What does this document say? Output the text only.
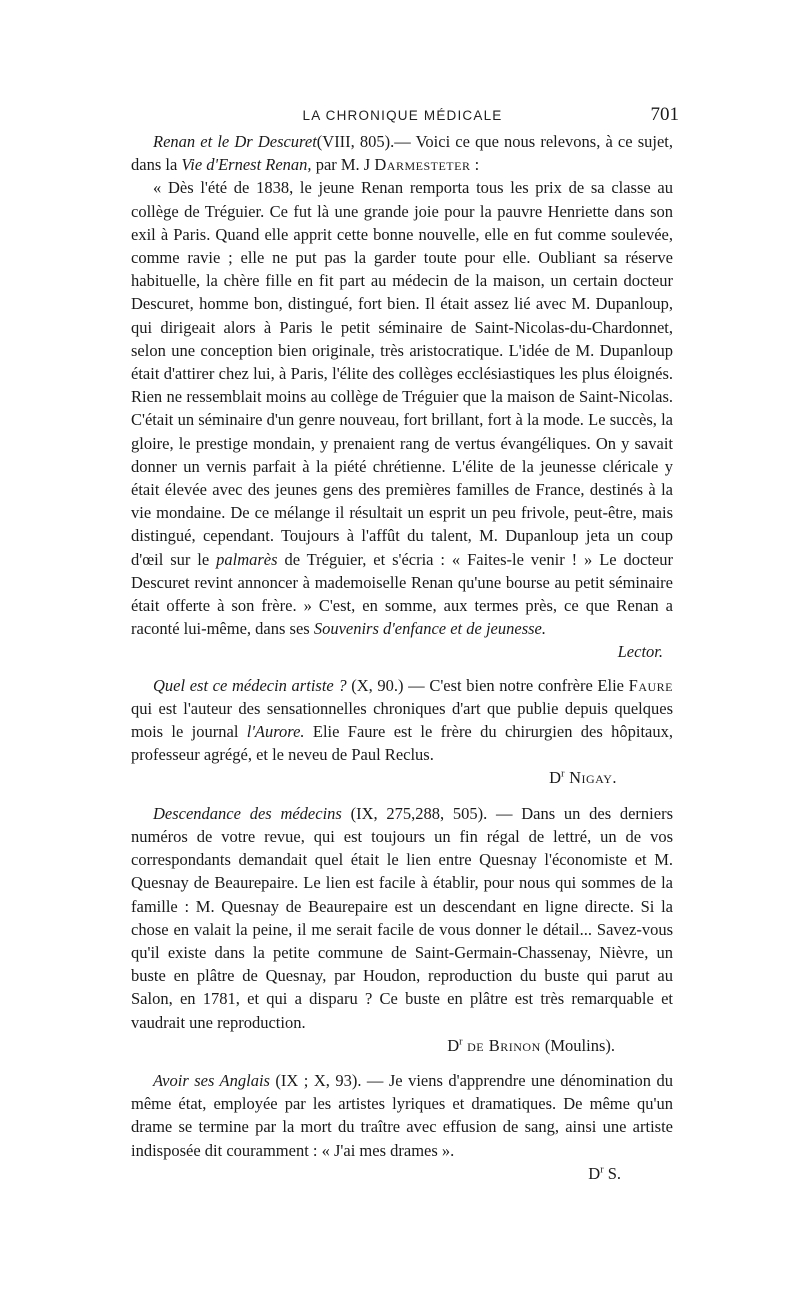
LA CHRONIQUE MÉDICALE	701

Renan et le Dr Descuret(VIII, 805).— Voici ce que nous relevons, à ce sujet, dans la Vie d'Ernest Renan, par M. J Darmesteter :

« Dès l'été de 1838, le jeune Renan remporta tous les prix de sa classe au collège de Tréguier. Ce fut là une grande joie pour la pauvre Henriette dans son exil à Paris. Quand elle apprit cette bonne nouvelle, elle en fut comme soulevée, comme ravie ; elle ne put pas la garder toute pour elle. Oubliant sa réserve habituelle, la chère fille en fit part au médecin de la maison, un certain docteur Descuret, homme bon, distingué, fort bien. Il était assez lié avec M. Dupanloup, qui dirigeait alors à Paris le petit séminaire de Saint-Nicolas-du-Chardonnet, selon une conception bien originale, très aristocratique. L'idée de M. Dupanloup était d'attirer chez lui, à Paris, l'élite des collèges ecclésiastiques les plus éloignés. Rien ne ressemblait moins au collège de Tréguier que la maison de Saint-Nicolas. C'était un séminaire d'un genre nouveau, fort brillant, fort à la mode. Le succès, la gloire, le prestige mondain, y prenaient rang de vertus évangéliques. On y savait donner un vernis parfait à la piété chrétienne. L'élite de la jeunesse cléricale y était élevée avec des jeunes gens des premières familles de France, destinés à la vie mondaine. De ce mélange il résultait un esprit un peu frivole, peut-être, mais distingué, cependant. Toujours à l'affût du talent, M. Dupanloup jeta un coup d'œil sur le palmarès de Tréguier, et s'écria : « Faites-le venir ! » Le docteur Descuret revint annoncer à mademoiselle Renan qu'une bourse au petit séminaire était offerte à son frère. » C'est, en somme, aux termes près, ce que Renan a raconté lui-même, dans ses Souvenirs d'enfance et de jeunesse.

Lector.

Quel est ce médecin artiste ? (X, 90.) — C'est bien notre confrère Elie Faure qui est l'auteur des sensationnelles chroniques d'art que publie depuis quelques mois le journal l'Aurore. Elie Faure est le frère du chirurgien des hôpitaux, professeur agrégé, et le neveu de Paul Reclus.

$D^r$ Nigay.

Descendance des médecins (IX, 275,288, 505). — Dans un des derniers numéros de votre revue, qui est toujours un fin régal de lettré, un de vos correspondants demandait quel était le lien entre Quesnay l'économiste et M. Quesnay de Beaurepaire. Le lien est facile à établir, pour nous qui sommes de la famille : M. Quesnay de Beaurepaire est un descendant en ligne directe. Si la chose en valait la peine, il me serait facile de vous donner le détail... Savez-vous qu'il existe dans la petite commune de Saint-Germain-Chassenay, Nièvre, un buste en plâtre de Quesnay, par Houdon, reproduction du buste qui parut au Salon, en 1781, et qui a disparu ? Ce buste en plâtre est très remarquable et vaudrait une reproduction.

$D^r$ de Brinon (Moulins).

Avoir ses Anglais (IX ; X, 93). — Je viens d'apprendre une dénomination du même état, employée par les artistes lyriques et dramatiques. De même qu'un drame se termine par la mort du traître avec effusion de sang, ainsi une artiste indisposée dit couramment : « J'ai mes drames ».

$D^r$ S.
